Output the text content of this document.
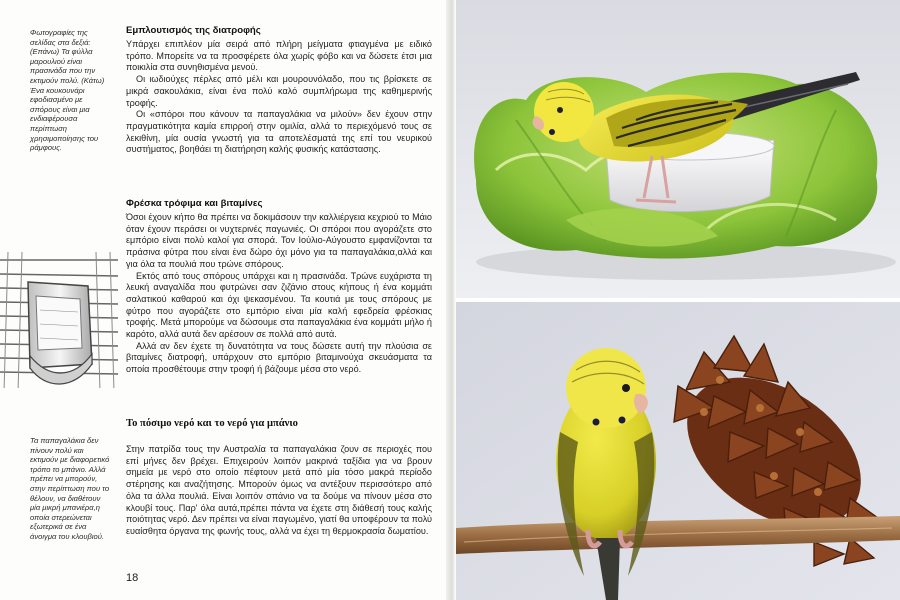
Φωτογραφίες της σελίδας στα δεξιά: (Επάνω) Τα φύλλα μαρουλιού είναι πρασινάδα που την εκτιμούν πολύ. (Κάτω) Ένα κουκουνάρι εφοδιασμένο με σπόρους είναι μια ενδιαφέρουσα περίπτωση χρησιμοποίησης του ράμφους.

Τα παπαγαλάκια δεν πίνουν πολύ και εκτιμούν με διαφορετικό τρόπο το μπάνιο. Αλλά πρέπει να μπορούν, στην περίπτωση που το θέλουν, να διαθέτουν μία μικρή μπανιέρα,η οποία στερεώνεται εξωτερικά σε ένα άνοιγμα του κλουβιού.

Εμπλουτισμός της διατροφής

Υπάρχει επιπλέον μία σειρά από πλήρη μείγματα φτιαγμένα με ειδικό τρόπο. Μπορείτε να τα προσφέρετε όλα χωρίς φόβο και να δώσετε έτσι μια ποικιλία στα συνηθισμένα μενού.

Οι ιωδιούχες πέρλες από μέλι και μουρουνόλαδο, που τις βρίσκετε σε μικρά σακουλάκια, είναι ένα πολύ καλό συμπλήρωμα της καθημερινής τροφής.

Οι «σπόροι που κάνουν τα παπαγαλάκια να μιλούν» δεν έχουν στην πραγματικότητα καμία επιρροή στην ομιλία, αλλά το περιεχόμενό τους σε λεκιθίνη, μία ουσία γνωστή για τα αποτελέσματά της επί του νευρικού συστήματος, βοηθάει τη διατήρηση καλής φυσικής κατάστασης.

Φρέσκα τρόφιμα και βιταμίνες

Όσοι έχουν κήπο θα πρέπει να δοκιμάσουν την καλλιέργεια κεχριού το Μάιο όταν έχουν περάσει οι νυχτερινές παγωνιές. Οι σπόροι που αγοράζετε στο εμπόριο είναι πολύ καλοί για σπορά. Τον Ιούλιο-Αύγουστο εμφανίζονται τα πράσινα φύτρα που είναι ένα δώρο όχι μόνο για τα παπαγαλάκια,αλλά και για όλα τα πουλιά που τρώνε σπόρους.

Εκτός από τους σπόρους υπάρχει και η πρασινάδα. Τρώνε ευχάριστα τη λευκή αναγαλίδα που φυτρώνει σαν ζιζάνιο στους κήπους ή ένα κομμάτι σαλατικού καθαρού και όχι ψεκασμένου. Τα κουτιά με τους σπόρους με φύτρο που αγοράζετε στο εμπόριο είναι μία καλή εφεδρεία φρέσκιας τροφής. Μετά μπορούμε να δώσουμε στα παπαγαλάκια ένα κομμάτι μήλο ή καρότο, αλλά αυτά δεν αρέσουν σε πολλά από αυτά.

Αλλά αν δεν έχετε τη δυνατότητα να τους δώσετε αυτή την πλούσια σε βιταμίνες διατροφή, υπάρχουν στο εμπόριο βιταμινούχα σκευάσματα τα οποία προσθέτουμε στην τροφή ή βάζουμε μέσα στο νερό.

Το πόσιμο νερό και το νερό για μπάνιο

Στην πατρίδα τους την Αυστραλία τα παπαγαλάκια ζουν σε περιοχές που επί μήνες δεν βρέχει. Επιχειρούν λοιπόν μακρινά ταξίδια για να βρουν σημεία με νερό στο οποίο πέφτουν μετά από μία τόσο μακρά περίοδο στέρησης και αναζήτησης. Μπορούν όμως να αντέξουν περισσότερο από όλα τα άλλα πουλιά. Είναι λοιπόν σπάνιο να τα δούμε να πίνουν μέσα στο κλουβί τους. Παρ' όλα αυτά,πρέπει πάντα να έχετε στη διάθεσή τους καλής ποιότητας νερό. Δεν πρέπει να είναι παγωμένο, γιατί θα υποφέρουν τα πολύ ευαίσθητα όργανα της φωνής τους, αλλά να έχει τη θερμοκρασία δωματίου.

18
